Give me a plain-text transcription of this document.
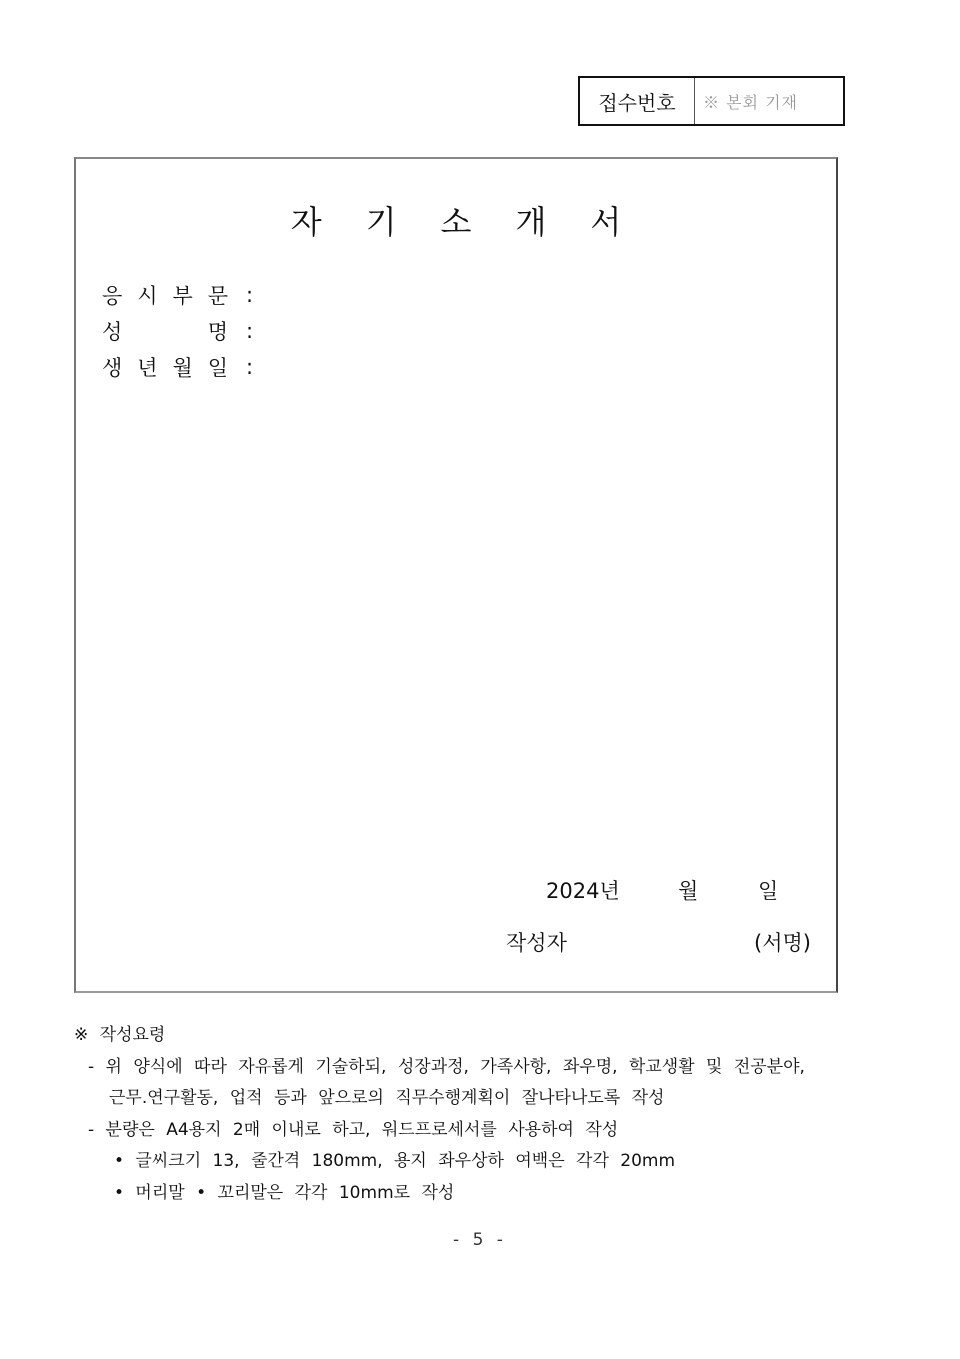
접수번호	※ 본회 기재
자 기 소 개 서
응 시 부 문 :
성	명 :
생 년 월 일 :
2024년	월	일
작성자	(서명)
※ 작성요령
- 위 양식에 따라 자유롭게 기술하되, 성장과정, 가족사항, 좌우명, 학교생활 및 전공분야,
근무.연구활동, 업적 등과 앞으로의 직무수행계획이 잘나타나도록 작성
- 분량은 A4용지 2매 이내로 하고, 워드프로세서를 사용하여 작성
• 글씨크기 13, 줄간격 180mm, 용지 좌우상하 여백은 각각 20mm
• 머리말 • 꼬리말은 각각 10mm로 작성
- 5 -
